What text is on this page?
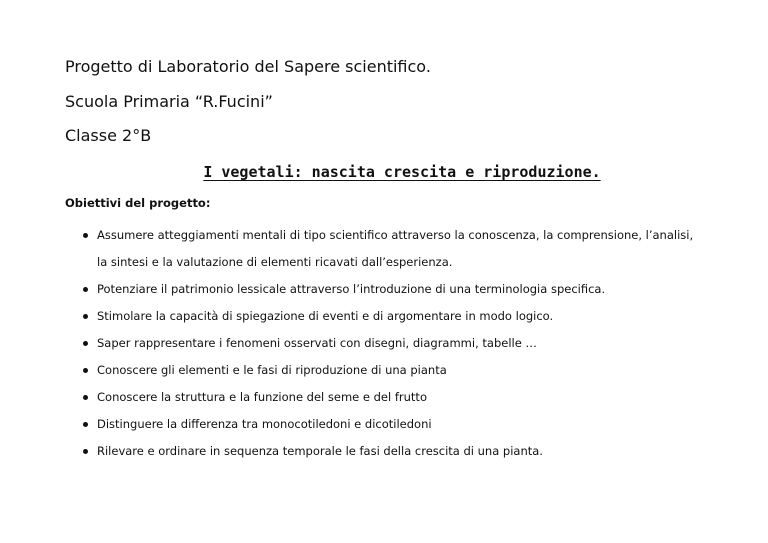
Progetto di Laboratorio del Sapere scientifico.
Scuola Primaria “R.Fucini”
Classe 2°B
I vegetali: nascita crescita e riproduzione.
Obiettivi del progetto:
Assumere atteggiamenti mentali di tipo scientifico attraverso la conoscenza, la comprensione, l’analisi,
la sintesi e la valutazione di elementi ricavati dall’esperienza.
Potenziare il patrimonio lessicale attraverso l’introduzione di una terminologia specifica.
Stimolare la capacità di spiegazione di eventi e di argomentare in modo logico.
Saper rappresentare i fenomeni osservati con disegni, diagrammi, tabelle …
Conoscere gli elementi e le fasi di riproduzione di una pianta
Conoscere la struttura e la funzione del seme e del frutto
Distinguere la differenza tra monocotiledoni e dicotiledoni
Rilevare e ordinare in sequenza temporale le fasi della crescita di una pianta.
